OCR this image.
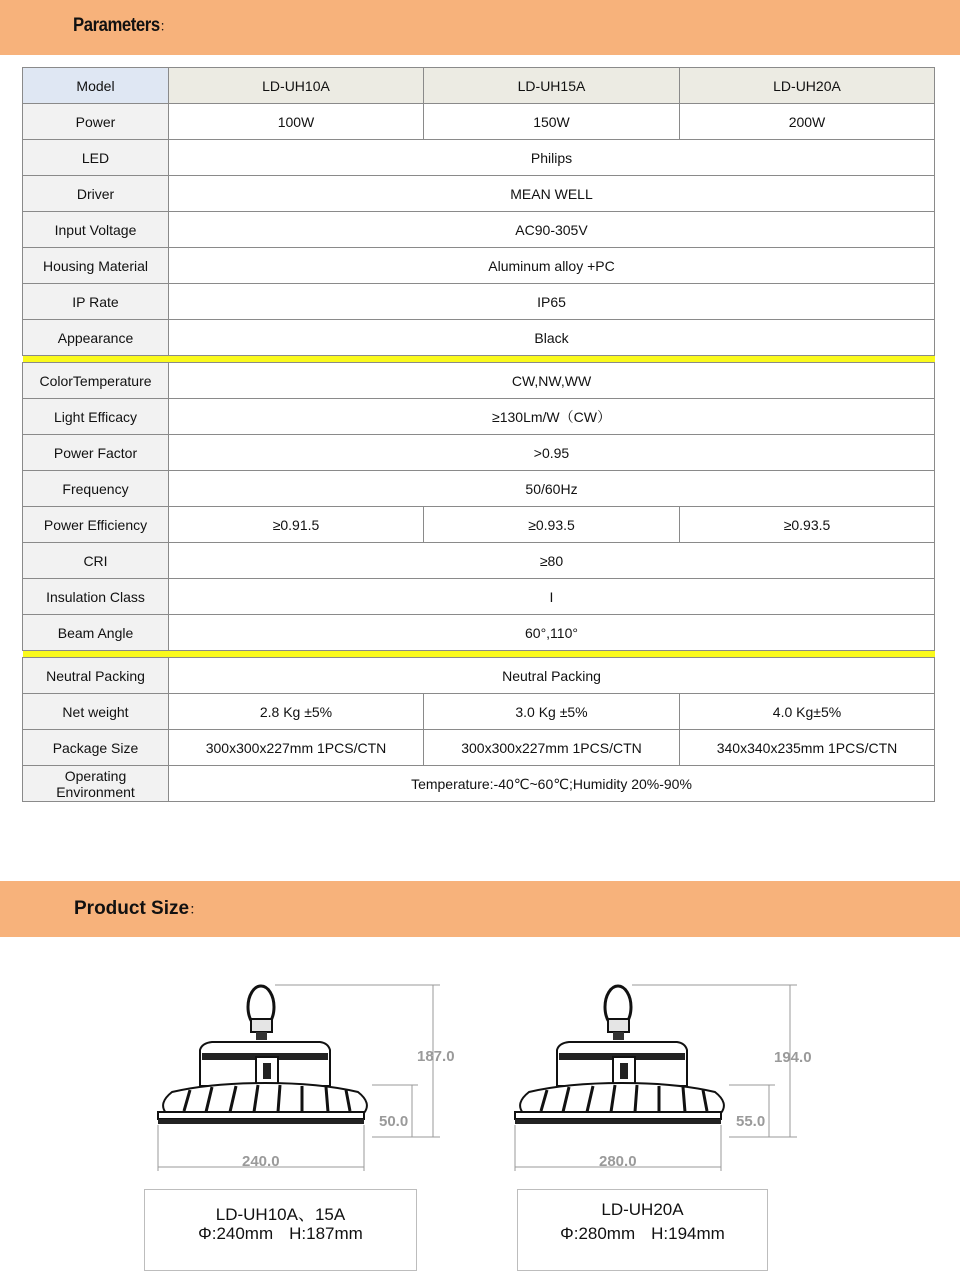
Parameters：
Model	LD-UH10A	LD-UH15A	LD-UH20A
Power	100W	150W	200W
LED	Philips		
Driver	MEAN WELL		
Input Voltage	AC90-305V		
Housing Material	Aluminum alloy +PC		
IP Rate	IP65		
Appearance	Black		

ColorTemperature	CW,NW,WW		
Light Efficacy	≥130Lm/W（CW）		
Power Factor	>0.95		
Frequency	50/60Hz		
Power Efficiency	≥0.91.5	≥0.93.5	≥0.93.5
CRI	≥80		
Insulation Class	I		
Beam Angle	60°,110°		

Neutral Packing	Neutral Packing		
Net weight	2.8 Kg ±5%	3.0 Kg ±5%	4.0 Kg±5%
Package Size	300x300x227mm 1PCS/CTN	300x300x227mm 1PCS/CTN	340x340x235mm 1PCS/CTN
Operating
Environment	Temperature:-40℃~60℃;Humidity 20%-90%		
Product Size：
187.0
50.0
240.0
194.0
55.0
280.0
LD-UH10A、15A
Φ:240mm H:187mm
LD-UH20A
Φ:280mm H:194mm
